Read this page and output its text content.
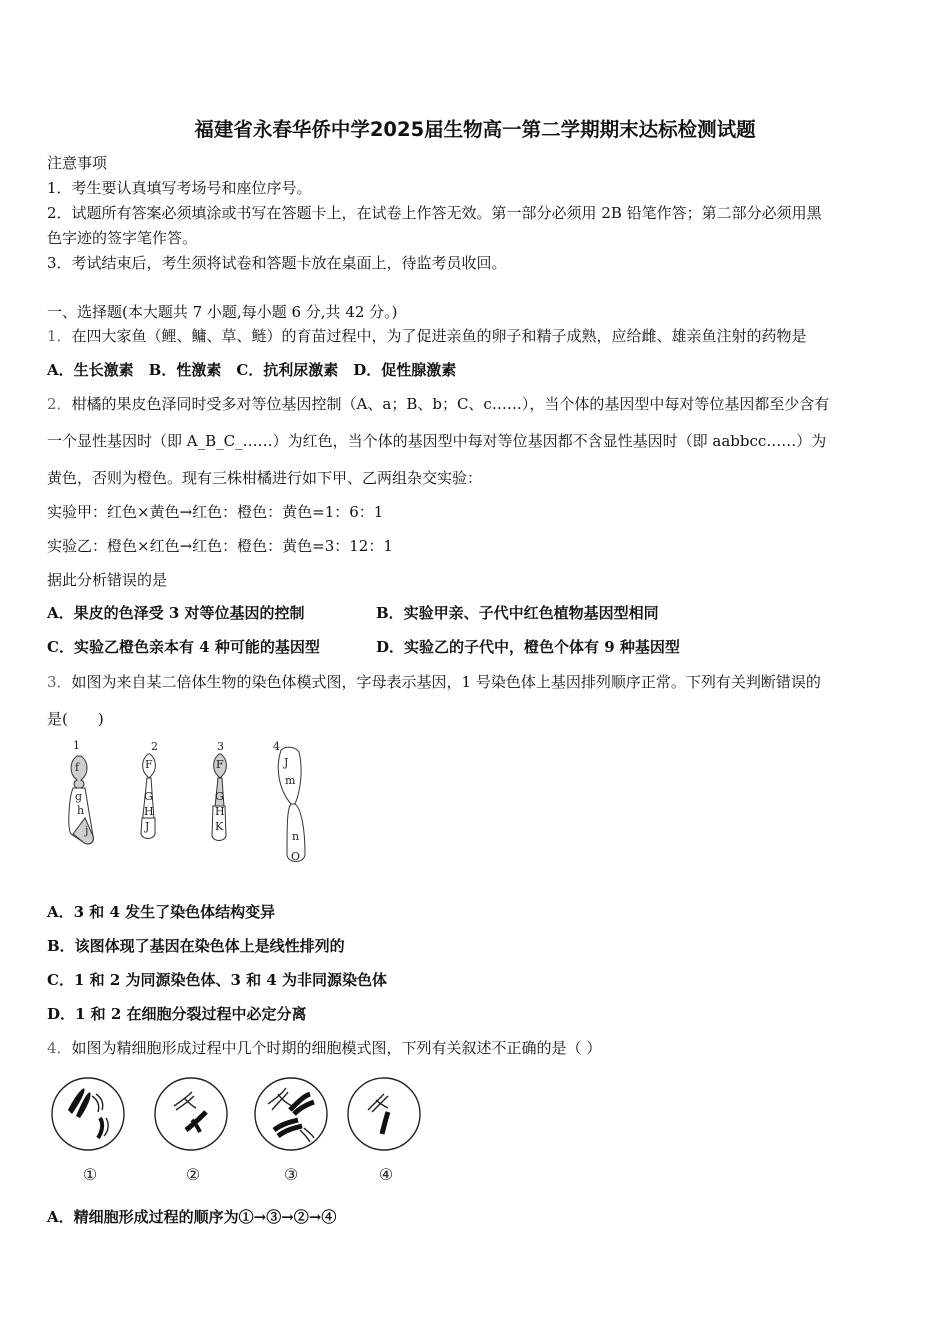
福建省永春华侨中学2025届生物高一第二学期期末达标检测试题
注意事项
1．考生要认真填写考场号和座位序号。
2．试题所有答案必须填涂或书写在答题卡上，在试卷上作答无效。第一部分必须用 2B 铅笔作答；第二部分必须用黑
色字迹的签字笔作答。
3．考试结束后，考生须将试卷和答题卡放在桌面上，待监考员收回。
一、选择题(本大题共 7 小题,每小题 6 分,共 42 分。)
1．在四大家鱼（鲤、鳙、草、鲢）的育苗过程中，为了促进亲鱼的卵子和精子成熟，应给雌、雄亲鱼注射的药物是
A．生长激素　B．性激素　C．抗利尿激素　D．促性腺激素
2．柑橘的果皮色泽同时受多对等位基因控制（A、a；B、b；C、c……），当个体的基因型中每对等位基因都至少含有
一个显性基因时（即 A_B_C_……）为红色，当个体的基因型中每对等位基因都不含显性基因时（即 aabbcc……）为
黄色，否则为橙色。现有三株柑橘进行如下甲、乙两组杂交实验：
实验甲：红色×黄色→红色：橙色：黄色=1：6：1
实验乙：橙色×红色→红色：橙色：黄色=3：12：1
据此分析错误的是
A．果皮的色泽受 3 对等位基因的控制	B．实验甲亲、子代中红色植物基因型相同
C．实验乙橙色亲本有 4 种可能的基因型	D．实验乙的子代中，橙色个体有 9 种基因型
3．如图为来自某二倍体生物的染色体模式图，字母表示基因，1 号染色体上基因排列顺序正常。下列有关判断错误的
是(　　)
1	2	3	4
f
g
h
j
F
G
H
J
F
G
H
K
J
m
n
O
A．3 和 4 发生了染色体结构变异
B．该图体现了基因在染色体上是线性排列的
C．1 和 2 为同源染色体、3 和 4 为非同源染色体
D．1 和 2 在细胞分裂过程中必定分离
4．如图为精细胞形成过程中几个时期的细胞模式图，下列有关叙述不正确的是（ ）
①	②	③	④
A．精细胞形成过程的顺序为①→③→②→④
